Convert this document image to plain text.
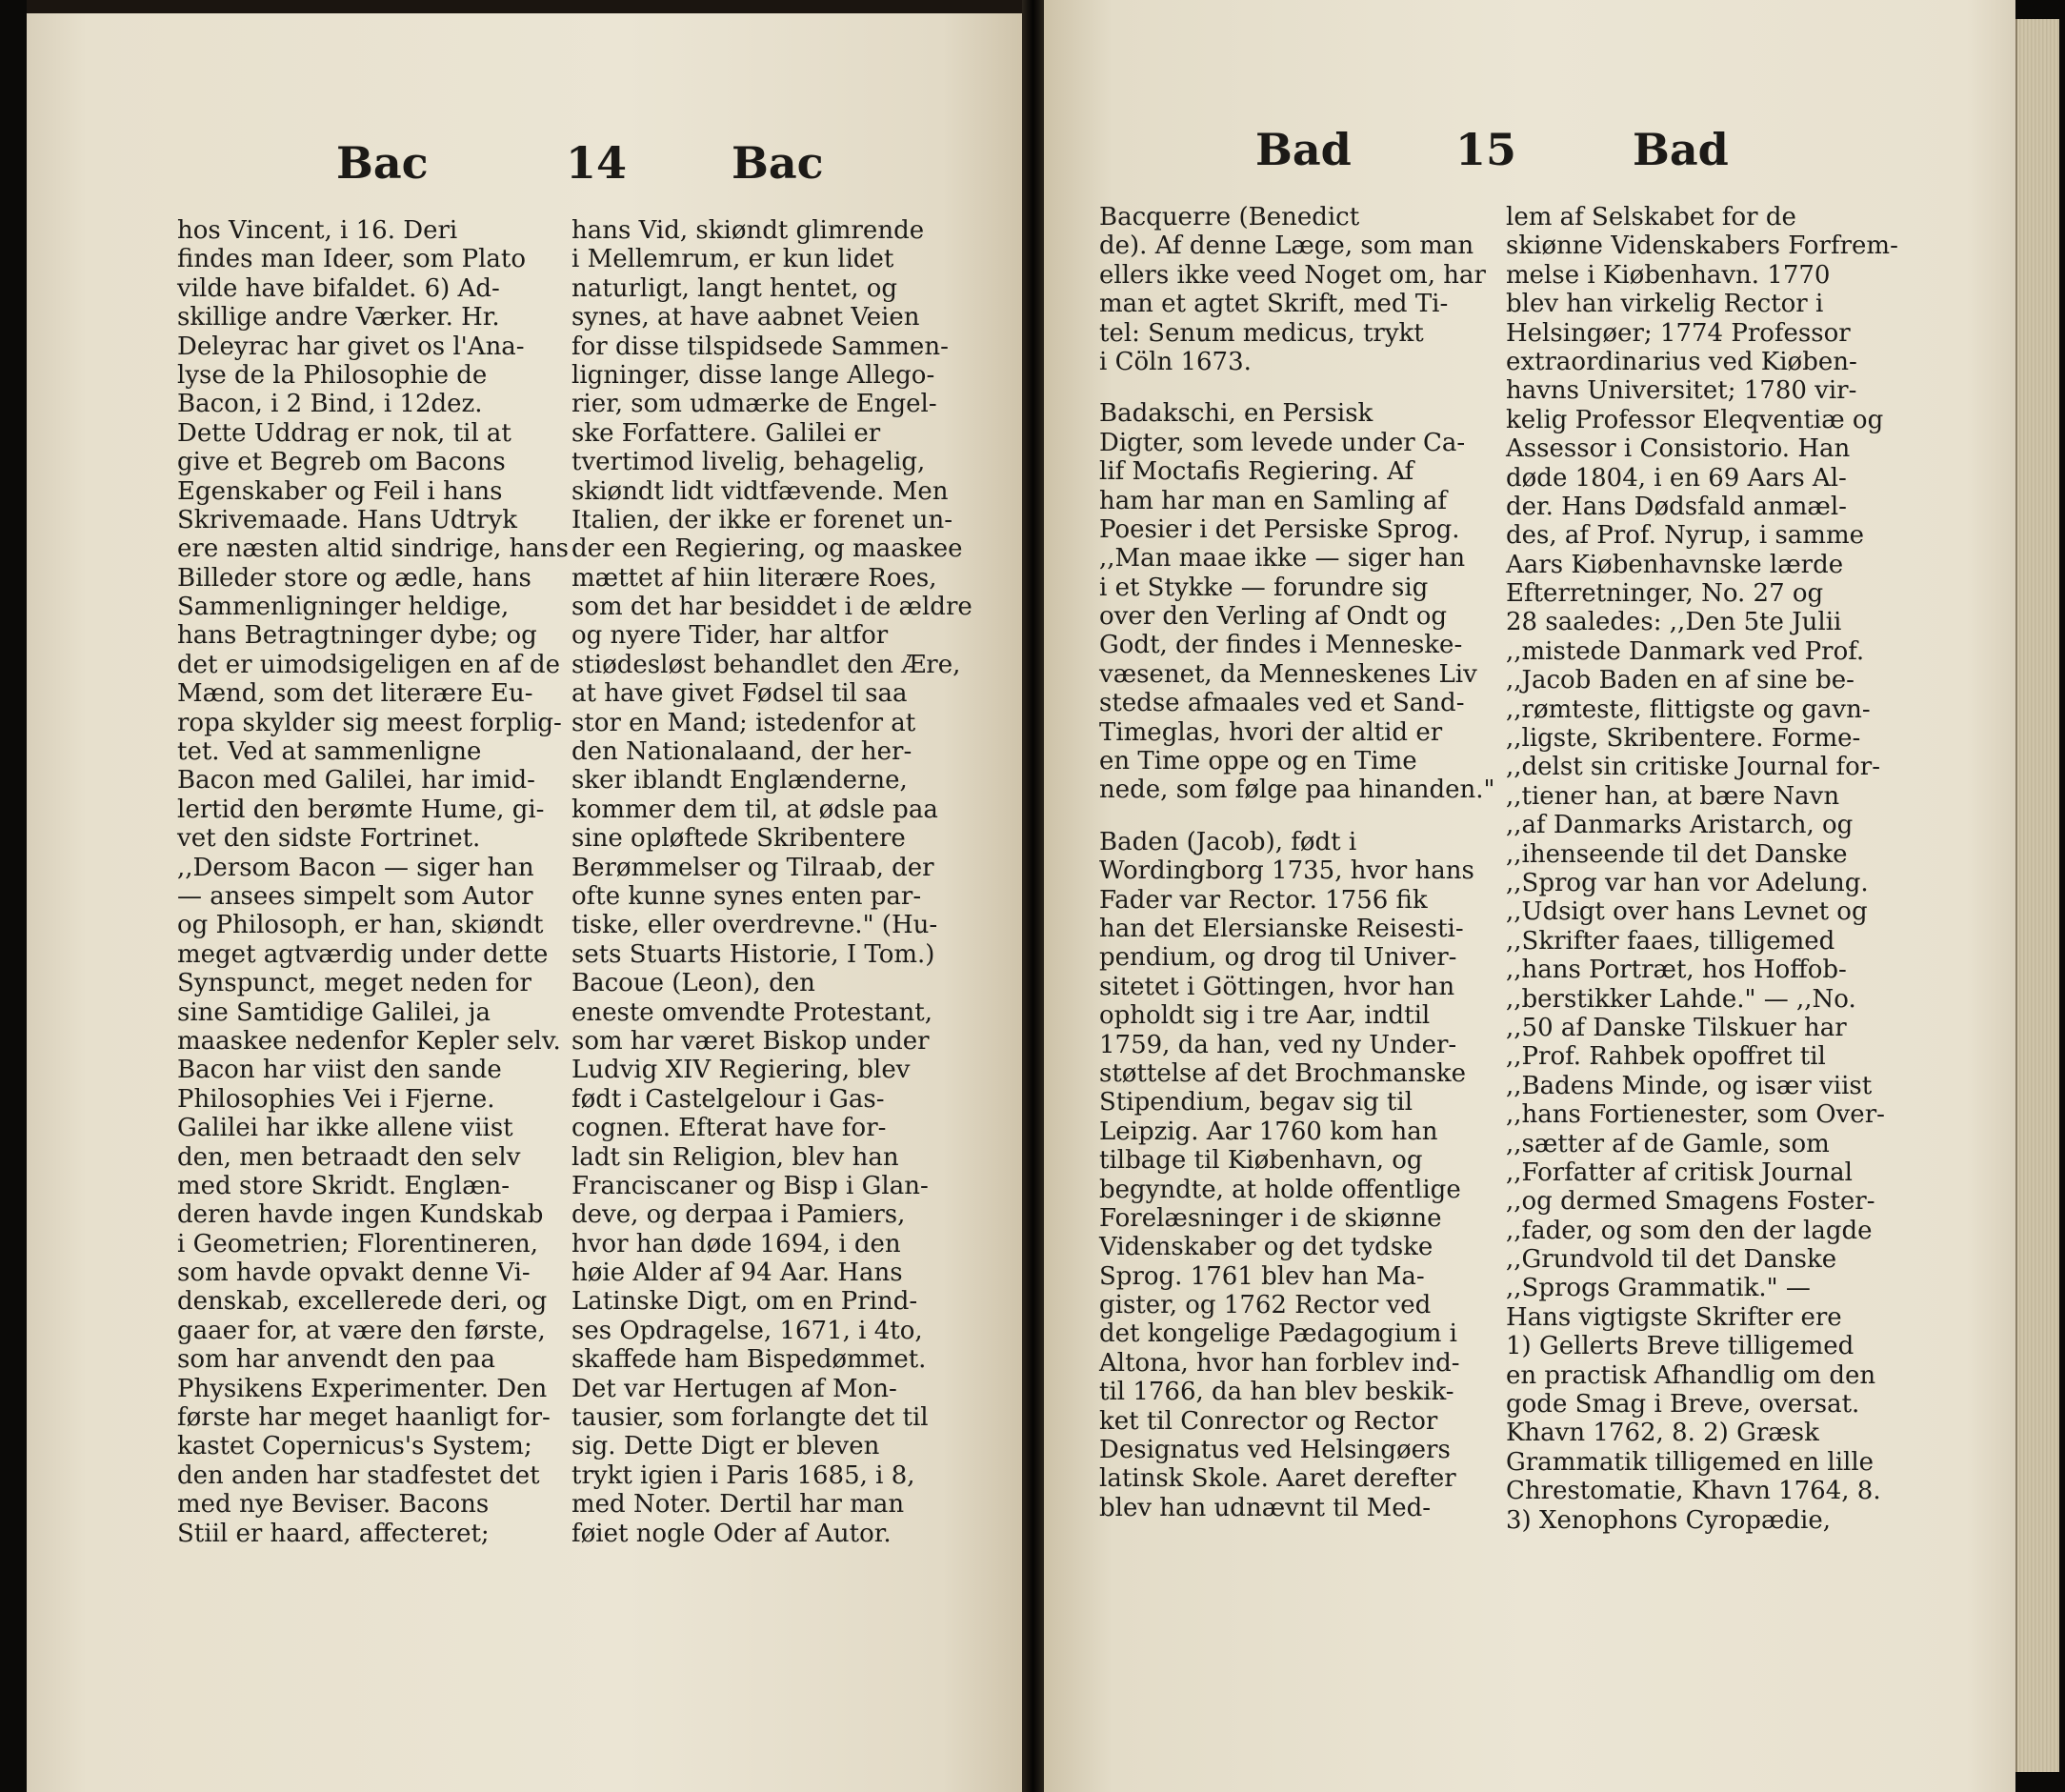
Bac	14 Bac
hos Vincent, i 16. Deri
findes man Ideer, som Plato
vilde have bifaldet. 6) Ad-
skillige andre Værker. Hr.
Deleyrac har givet os l'Ana-
lyse de la Philosophie de
Bacon, i 2 Bind, i 12dez.
Dette Uddrag er nok, til at
give et Begreb om Bacons
Egenskaber og Feil i hans
Skrivemaade. Hans Udtryk
ere næsten altid sindrige, hans
Billeder store og ædle, hans
Sammenligninger heldige,
hans Betragtninger dybe; og
det er uimodsigeligen en af de
Mænd, som det literære Eu-
ropa skylder sig meest forplig-
tet. Ved at sammenligne
Bacon med Galilei, har imid-
lertid den berømte Hume, gi-
vet den sidste Fortrinet.
,,Dersom Bacon — siger han
— ansees simpelt som Autor
og Philosoph, er han, skiøndt
meget agtværdig under dette
Synspunct, meget neden for
sine Samtidige Galilei, ja
maaskee nedenfor Kepler selv.
Bacon har viist den sande
Philosophies Vei i Fjerne.
Galilei har ikke allene viist
den, men betraadt den selv
med store Skridt. Englæn-
deren havde ingen Kundskab
i Geometrien; Florentineren,
som havde opvakt denne Vi-
denskab, excellerede deri, og
gaaer for, at være den første,
som har anvendt den paa
Physikens Experimenter. Den
første har meget haanligt for-
kastet Copernicus's System;
den anden har stadfestet det
med nye Beviser. Bacons
Stiil er haard, affecteret;
hans Vid, skiøndt glimrende
i Mellemrum, er kun lidet
naturligt, langt hentet, og
synes, at have aabnet Veien
for disse tilspidsede Sammen-
ligninger, disse lange Allego-
rier, som udmærke de Engel-
ske Forfattere. Galilei er
tvertimod livelig, behagelig,
skiøndt lidt vidtfævende. Men
Italien, der ikke er forenet un-
der een Regiering, og maaskee
mættet af hiin literære Roes,
som det har besiddet i de ældre
og nyere Tider, har altfor
stiødesløst behandlet den Ære,
at have givet Fødsel til saa
stor en Mand; istedenfor at
den Nationalaand, der her-
sker iblandt Englænderne,
kommer dem til, at ødsle paa
sine opløftede Skribentere
Berømmelser og Tilraab, der
ofte kunne synes enten par-
tiske, eller overdrevne." (Hu-
sets Stuarts Historie, I Tom.)
Bacoue (Leon), den
eneste omvendte Protestant,
som har været Biskop under
Ludvig XIV Regiering, blev
født i Castelgelour i Gas-
cognen. Efterat have for-
ladt sin Religion, blev han
Franciscaner og Bisp i Glan-
deve, og derpaa i Pamiers,
hvor han døde 1694, i den
høie Alder af 94 Aar. Hans
Latinske Digt, om en Prind-
ses Opdragelse, 1671, i 4to,
skaffede ham Bispedømmet.
Det var Hertugen af Mon-
tausier, som forlangte det til
sig. Dette Digt er bleven
trykt igien i Paris 1685, i 8,
med Noter. Dertil har man
føiet nogle Oder af Autor.
Bad 15	Bad
Bacquerre (Benedict
de). Af denne Læge, som man
ellers ikke veed Noget om, har
man et agtet Skrift, med Ti-
tel: Senum medicus, trykt
i Cöln 1673.
Badakschi, en Persisk
Digter, som levede under Ca-
lif Moctafis Regiering. Af
ham har man en Samling af
Poesier i det Persiske Sprog.
,,Man maae ikke — siger han
i et Stykke — forundre sig
over den Verling af Ondt og
Godt, der findes i Menneske-
væsenet, da Menneskenes Liv
stedse afmaales ved et Sand-
Timeglas, hvori der altid er
en Time oppe og en Time
nede, som følge paa hinanden."
Baden (Jacob), født i
Wordingborg 1735, hvor hans
Fader var Rector. 1756 fik
han det Elersianske Reisesti-
pendium, og drog til Univer-
sitetet i Göttingen, hvor han
opholdt sig i tre Aar, indtil
1759, da han, ved ny Under-
støttelse af det Brochmanske
Stipendium, begav sig til
Leipzig. Aar 1760 kom han
tilbage til Kiøbenhavn, og
begyndte, at holde offentlige
Forelæsninger i de skiønne
Videnskaber og det tydske
Sprog. 1761 blev han Ma-
gister, og 1762 Rector ved
det kongelige Pædagogium i
Altona, hvor han forblev ind-
til 1766, da han blev beskik-
ket til Conrector og Rector
Designatus ved Helsingøers
latinsk Skole. Aaret derefter
blev han udnævnt til Med-
lem af Selskabet for de
skiønne Videnskabers Forfrem-
melse i Kiøbenhavn. 1770
blev han virkelig Rector i
Helsingøer; 1774 Professor
extraordinarius ved Kiøben-
havns Universitet; 1780 vir-
kelig Professor Eleqventiæ og
Assessor i Consistorio. Han
døde 1804, i en 69 Aars Al-
der. Hans Dødsfald anmæl-
des, af Prof. Nyrup, i samme
Aars Kiøbenhavnske lærde
Efterretninger, No. 27 og
28 saaledes: ,,Den 5te Julii
,,mistede Danmark ved Prof.
,,Jacob Baden en af sine be-
,,rømteste, flittigste og gavn-
,,ligste, Skribentere. Forme-
,,delst sin critiske Journal for-
,,tiener han, at bære Navn
,,af Danmarks Aristarch, og
,,ihenseende til det Danske
,,Sprog var han vor Adelung.
,,Udsigt over hans Levnet og
,,Skrifter faaes, tilligemed
,,hans Portræt, hos Hoffob-
,,berstikker Lahde." — ,,No.
,,50 af Danske Tilskuer har
,,Prof. Rahbek opoffret til
,,Badens Minde, og især viist
,,hans Fortienester, som Over-
,,sætter af de Gamle, som
,,Forfatter af critisk Journal
,,og dermed Smagens Foster-
,,fader, og som den der lagde
,,Grundvold til det Danske
,,Sprogs Grammatik." —
Hans vigtigste Skrifter ere
1) Gellerts Breve tilligemed
en practisk Afhandlig om den
gode Smag i Breve, oversat.
Khavn 1762, 8. 2) Græsk
Grammatik tilligemed en lille
Chrestomatie, Khavn 1764, 8.
3) Xenophons Cyropædie,
